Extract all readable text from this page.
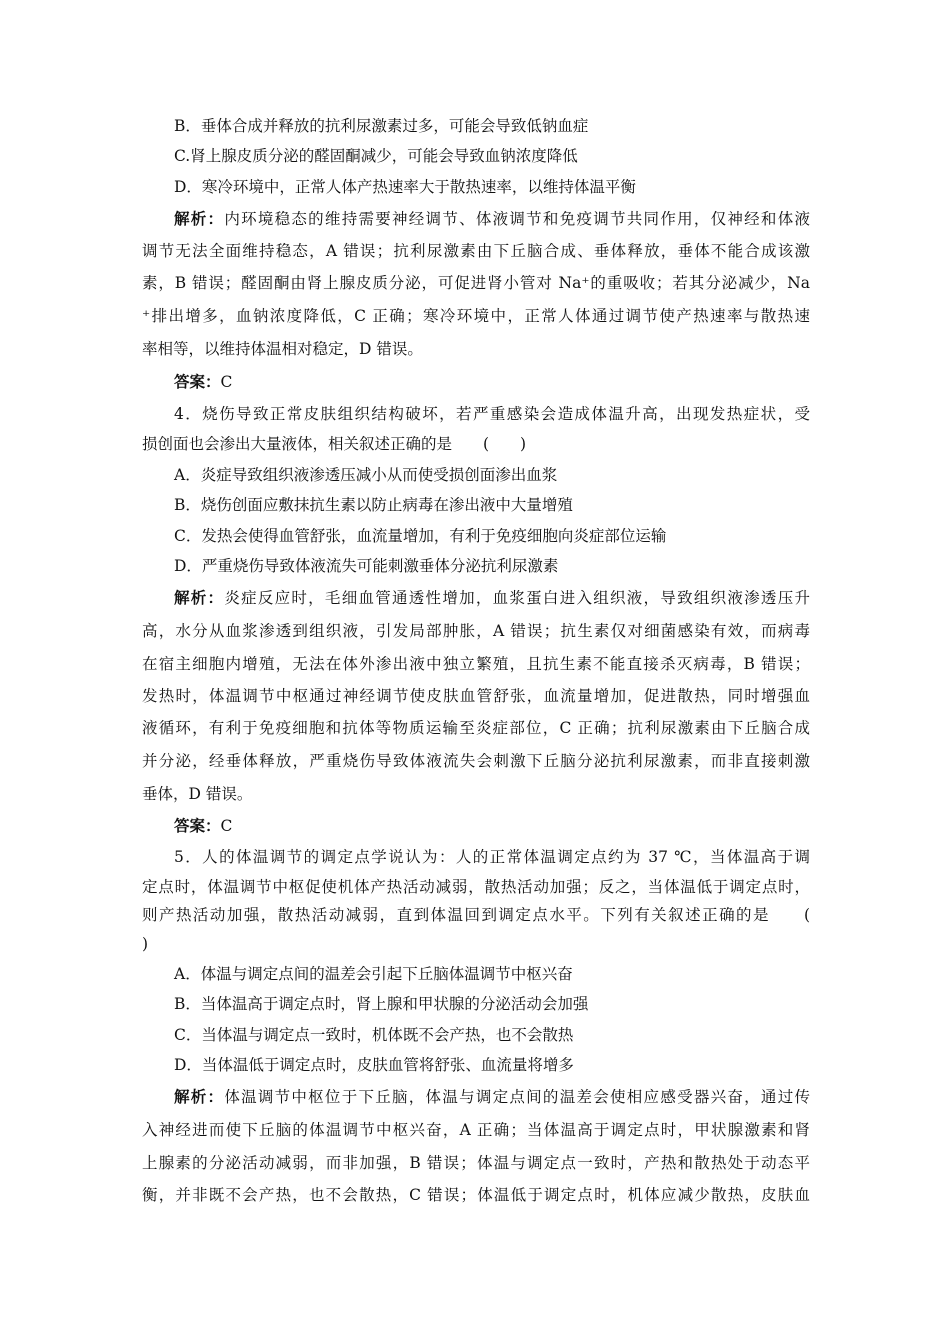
B．垂体合成并释放的抗利尿激素过多，可能会导致低钠血症
C.肾上腺皮质分泌的醛固酮减少，可能会导致血钠浓度降低
D．寒冷环境中，正常人体产热速率大于散热速率，以维持体温平衡
解析：内环境稳态的维持需要神经调节、体液调节和免疫调节共同作用，仅神经和体液
调节无法全面维持稳态，A 错误；抗利尿激素由下丘脑合成、垂体释放，垂体不能合成该激
素，B 错误；醛固酮由肾上腺皮质分泌，可促进肾小管对 Na⁺的重吸收；若其分泌减少，Na
⁺排出增多，血钠浓度降低，C 正确；寒冷环境中，正常人体通过调节使产热速率与散热速
率相等，以维持体温相对稳定，D 错误。
答案：C
4．烧伤导致正常皮肤组织结构破坏，若严重感染会造成体温升高，出现发热症状，受
损创面也会渗出大量液体，相关叙述正确的是　　(　　)
A．炎症导致组织液渗透压减小从而使受损创面渗出血浆
B．烧伤创面应敷抹抗生素以防止病毒在渗出液中大量增殖
C．发热会使得血管舒张，血流量增加，有利于免疫细胞向炎症部位运输
D．严重烧伤导致体液流失可能刺激垂体分泌抗利尿激素
解析：炎症反应时，毛细血管通透性增加，血浆蛋白进入组织液，导致组织液渗透压升
高，水分从血浆渗透到组织液，引发局部肿胀，A 错误；抗生素仅对细菌感染有效，而病毒
在宿主细胞内增殖，无法在体外渗出液中独立繁殖，且抗生素不能直接杀灭病毒，B 错误；
发热时，体温调节中枢通过神经调节使皮肤血管舒张，血流量增加，促进散热，同时增强血
液循环，有利于免疫细胞和抗体等物质运输至炎症部位，C 正确；抗利尿激素由下丘脑合成
并分泌，经垂体释放，严重烧伤导致体液流失会刺激下丘脑分泌抗利尿激素，而非直接刺激
垂体，D 错误。
答案：C
5．人的体温调节的调定点学说认为：人的正常体温调定点约为 37 ℃，当体温高于调
定点时，体温调节中枢促使机体产热活动减弱，散热活动加强；反之，当体温低于调定点时，
则产热活动加强，散热活动减弱，直到体温回到调定点水平。下列有关叙述正确的是　　(
)
A．体温与调定点间的温差会引起下丘脑体温调节中枢兴奋
B．当体温高于调定点时，肾上腺和甲状腺的分泌活动会加强
C．当体温与调定点一致时，机体既不会产热，也不会散热
D．当体温低于调定点时，皮肤血管将舒张、血流量将增多
解析：体温调节中枢位于下丘脑，体温与调定点间的温差会使相应感受器兴奋，通过传
入神经进而使下丘脑的体温调节中枢兴奋，A 正确；当体温高于调定点时，甲状腺激素和肾
上腺素的分泌活动减弱，而非加强，B 错误；体温与调定点一致时，产热和散热处于动态平
衡，并非既不会产热，也不会散热，C 错误；体温低于调定点时，机体应减少散热，皮肤血
